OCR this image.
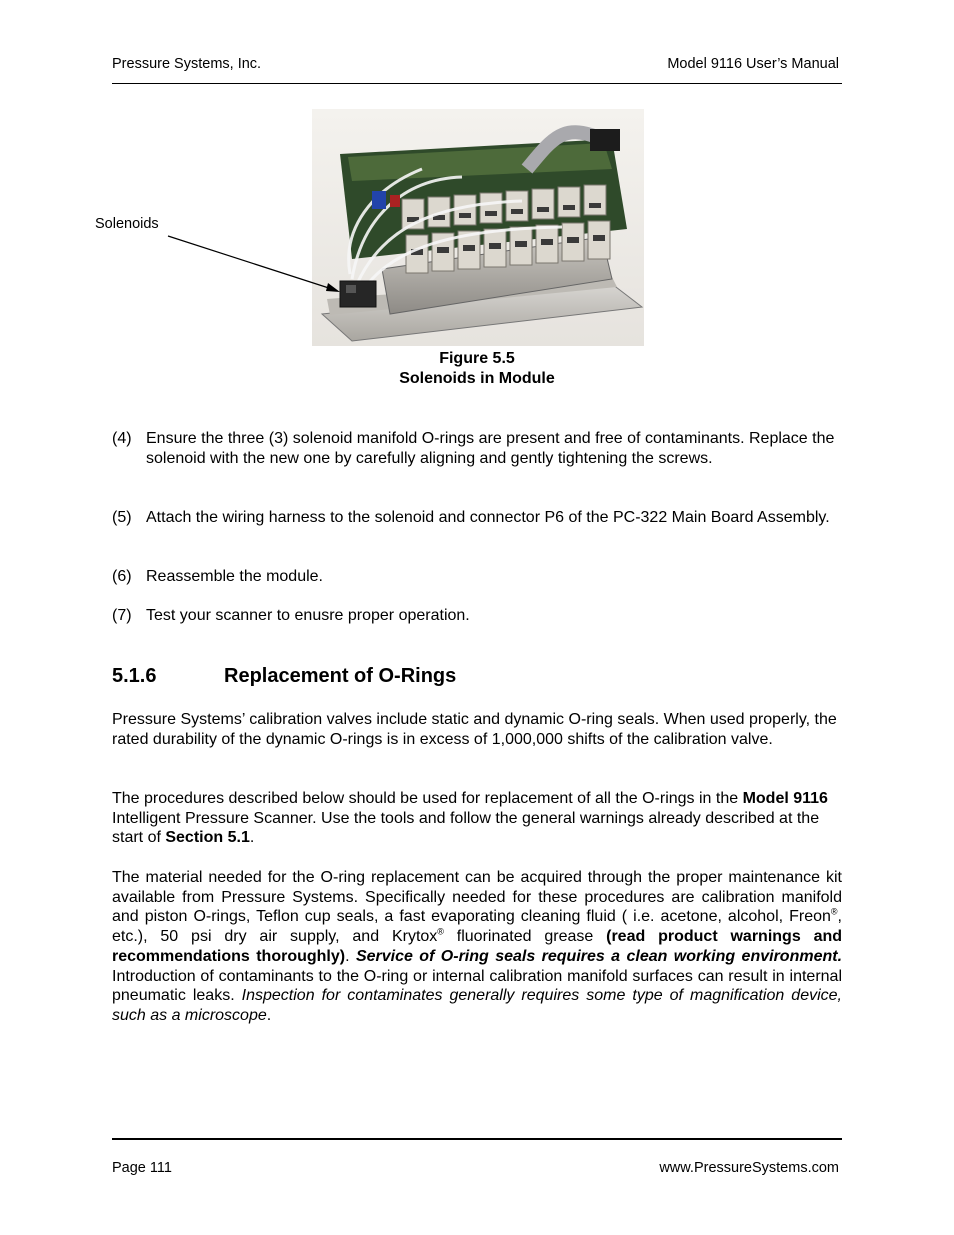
Pressure Systems, Inc.	Model 9116 User’s Manual
Solenoids
Figure 5.5
Solenoids in Module
(4) Ensure the three (3) solenoid manifold O-rings are present and free of contaminants. Replace the solenoid with the new one by carefully aligning and gently tightening the screws.
(5) Attach the wiring harness to the solenoid and connector P6 of the PC-322 Main Board Assembly.
(6) Reassemble the module.
(7) Test your scanner to enusre proper operation.
5.1.6	Replacement of O-Rings
Pressure Systems’ calibration valves include static and dynamic O-ring seals. When used properly, the rated durability of the dynamic O-rings is in excess of 1,000,000 shifts of the calibration valve.
The procedures described below should be used for replacement of all the O-rings in the Model 9116 Intelligent Pressure Scanner. Use the tools and follow the general warnings already described at the start of Section 5.1.
The material needed for the O-ring replacement can be acquired through the proper maintenance kit available from Pressure Systems. Specifically needed for these procedures are calibration manifold and piston O-rings, Teflon cup seals, a fast evaporating cleaning fluid ( i.e. acetone, alcohol, Freon®, etc.), 50 psi dry air supply, and Krytox® fluorinated grease (read product warnings and recommendations thoroughly). Service of O-ring seals requires a clean working environment. Introduction of contaminants to the O-ring or internal calibration manifold surfaces can result in internal pneumatic leaks. Inspection for contaminates generally requires some type of magnification device, such as a microscope.
Page 111	www.PressureSystems.com
